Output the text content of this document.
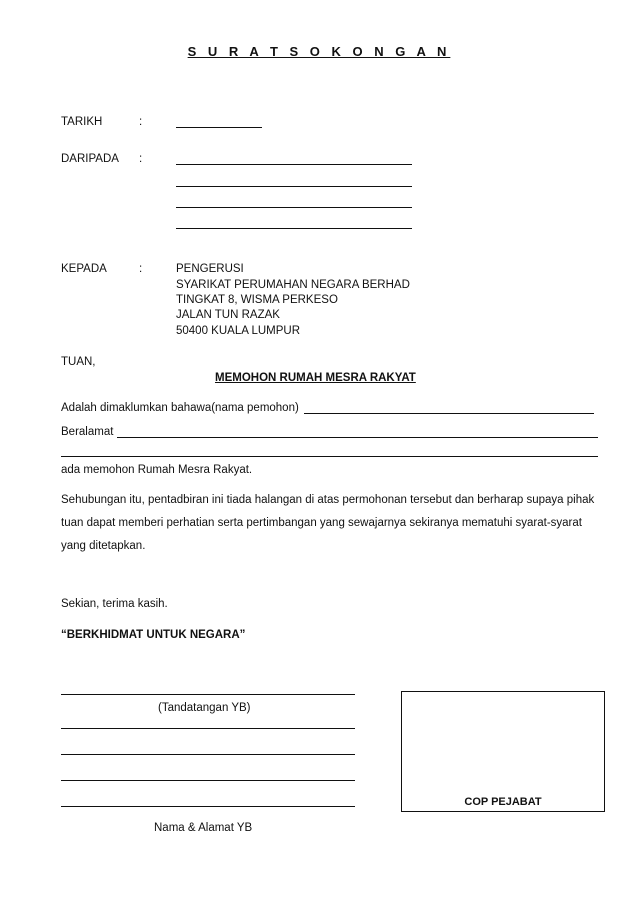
S U R A T S O K O N G A N
TARIKH	:
DARIPADA :
KEPADA	:	PENGERUSI
SYARIKAT PERUMAHAN NEGARA BERHAD
TINGKAT 8, WISMA PERKESO
JALAN TUN RAZAK
50400 KUALA LUMPUR
TUAN,
MEMOHON RUMAH MESRA RAKYAT
Adalah dimaklumkan bahawa(nama pemohon)
Beralamat
ada memohon Rumah Mesra Rakyat.
Sehubungan itu, pentadbiran ini tiada halangan di atas permohonan tersebut dan berharap supaya pihak tuan dapat memberi perhatian serta pertimbangan yang sewajarnya sekiranya mematuhi syarat-syarat yang ditetapkan.
Sekian, terima kasih.
“BERKHIDMAT UNTUK NEGARA”
(Tandatangan YB)
Nama & Alamat YB
COP PEJABAT
